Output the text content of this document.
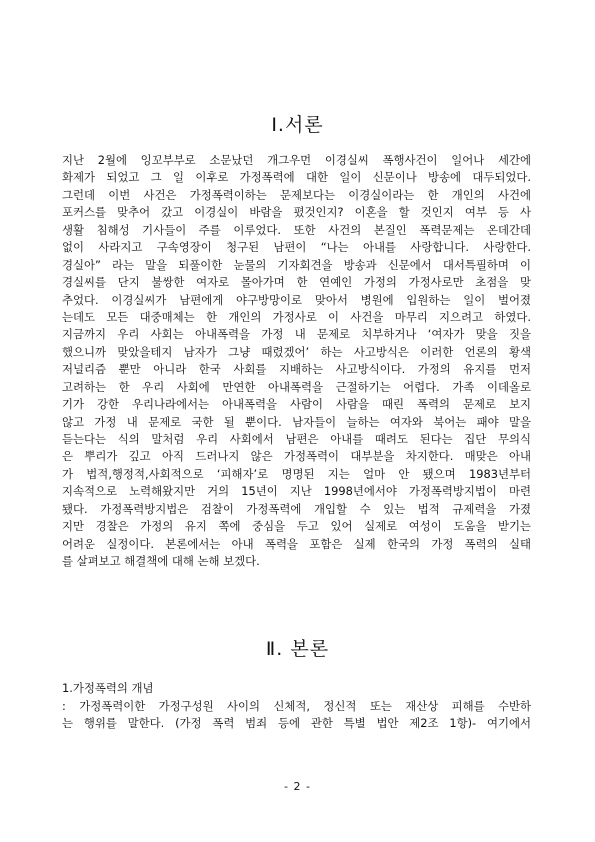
Ⅰ.서론
지난 2월에 잉꼬부부로 소문났던 개그우먼 이경실씨 폭행사건이 일어나 세간에
화제가 되었고 그 일 이후로 가정폭력에 대한 일이 신문이나 방송에 대두되었다.
그런데 이번 사건은 가정폭력이하는 문제보다는 이경실이라는 한 개인의 사건에
포커스를 맞추어 갔고 이경실이 바람을 폈것인지? 이혼을 할 것인지 여부 등 사
생활 침해성 기사들이 주를 이루었다. 또한 사건의 본질인 폭력문제는 온데간데
없이 사라지고 구속영장이 청구된 남편이 “나는 아내를 사랑합니다. 사랑한다.
경실아” 라는 말을 되풀이한 눈물의 기자회견을 방송과 신문에서 대서특필하며 이
경실씨를 단지 불쌍한 여자로 몰아가며 한 연예인 가정의 가정사로만 초점을 맞
추었다. 이경실씨가 남편에게 야구방망이로 맞아서 병원에 입원하는 일이 벌어졌
는데도 모든 대중매체는 한 개인의 가정사로 이 사건을 마무리 지으려고 하였다.
지금까지 우리 사회는 아내폭력을 가정 내 문제로 치부하거나 ‘여자가 맞을 짓을
했으니까 맞았을테지 남자가 그냥 때렸겠어’ 하는 사고방식은 이러한 언론의 황색
저널리즘 뿐만 아니라 한국 사회를 지배하는 사고방식이다. 가정의 유지를 먼저
고려하는 한 우리 사회에 만연한 아내폭력을 근절하기는 어렵다. 가족 이데올로
기가 강한 우리나라에서는 아내폭력을 사람이 사람을 때린 폭력의 문제로 보지
않고 가정 내 문제로 국한 될 뿐이다. 남자들이 늘하는 여자와 북어는 패야 말을
듣는다는 식의 말처럼 우리 사회에서 남편은 아내를 때려도 된다는 집단 무의식
은 뿌리가 깊고 아직 드러나지 않은 가정폭력이 대부분을 차지한다. 매맞은 아내
가 법적,행정적,사회적으로 ‘피해자’로 명명된 지는 얼마 안 됐으며 1983년부터
지속적으로 노력해왔지만 거의 15년이 지난 1998년에서야 가정폭력방지법이 마련
됐다. 가정폭력방지법은 검찰이 가정폭력에 개입할 수 있는 법적 규제력을 가졌
지만 경찰은 가정의 유지 쪽에 중심을 두고 있어 실제로 여성이 도움을 받기는
어려운 실정이다. 본론에서는 아내 폭력을 포함은 실제 한국의 가정 폭력의 실태
를 살펴보고 해결책에 대해 논해 보겠다.
Ⅱ. 본론
1.가정폭력의 개념
: 가정폭력이한 가정구성원 사이의 신체적, 정신적 또는 재산상 피해를 수반하
는 행위를 말한다. (가정 폭력 범죄 등에 관한 특별 법안 제2조 1항)- 여기에서
- 2 -
